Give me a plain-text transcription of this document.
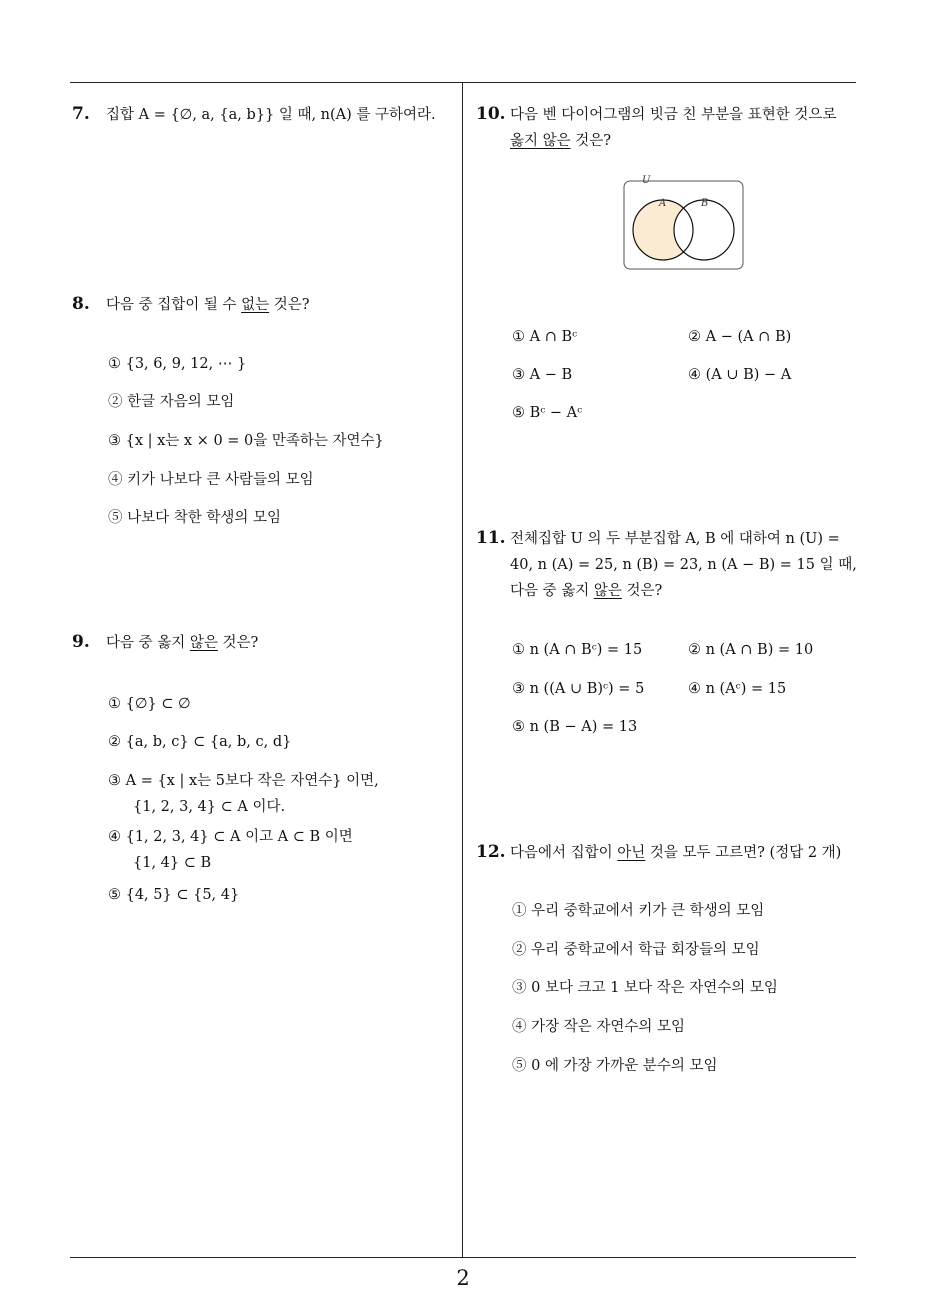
2
7. 집합 A = {∅, a, {a, b}} 일 때, n(A) 를 구하여라.
8. 다음 중 집합이 될 수 없는 것은?
① {3, 6, 9, 12, ⋯ }
② 한글 자음의 모임
③ {x | x는 x × 0 = 0을 만족하는 자연수}
④ 키가 나보다 큰 사람들의 모임
⑤ 나보다 착한 학생의 모임
9. 다음 중 옳지 않은 것은?
① {∅} ⊂ ∅
② {a, b, c} ⊂ {a, b, c, d}
③ A = {x | x는 5보다 작은 자연수} 이면,
{1, 2, 3, 4} ⊂ A 이다.
④ {1, 2, 3, 4} ⊂ A 이고 A ⊂ B 이면
{1, 4} ⊂ B
⑤ {4, 5} ⊂ {5, 4}
10. 다음 벤 다이어그램의 빗금 친 부분을 표현한 것으로
옳지 않은 것은?
U
A	B
① A ∩ Bᶜ	② A − (A ∩ B)
③ A − B	④ (A ∪ B) − A
⑤ Bᶜ − Aᶜ
11. 전체집합 U 의 두 부분집합 A, B 에 대하여 n (U) =
40, n (A) = 25, n (B) = 23, n (A − B) = 15 일 때,
다음 중 옳지 않은 것은?
① n (A ∩ Bᶜ) = 15	② n (A ∩ B) = 10
③ n ((A ∪ B)ᶜ) = 5	④ n (Aᶜ) = 15
⑤ n (B − A) = 13
12. 다음에서 집합이 아닌 것을 모두 고르면? (정답 2 개)
① 우리 중학교에서 키가 큰 학생의 모임
② 우리 중학교에서 학급 회장들의 모임
③ 0 보다 크고 1 보다 작은 자연수의 모임
④ 가장 작은 자연수의 모임
⑤ 0 에 가장 가까운 분수의 모임
